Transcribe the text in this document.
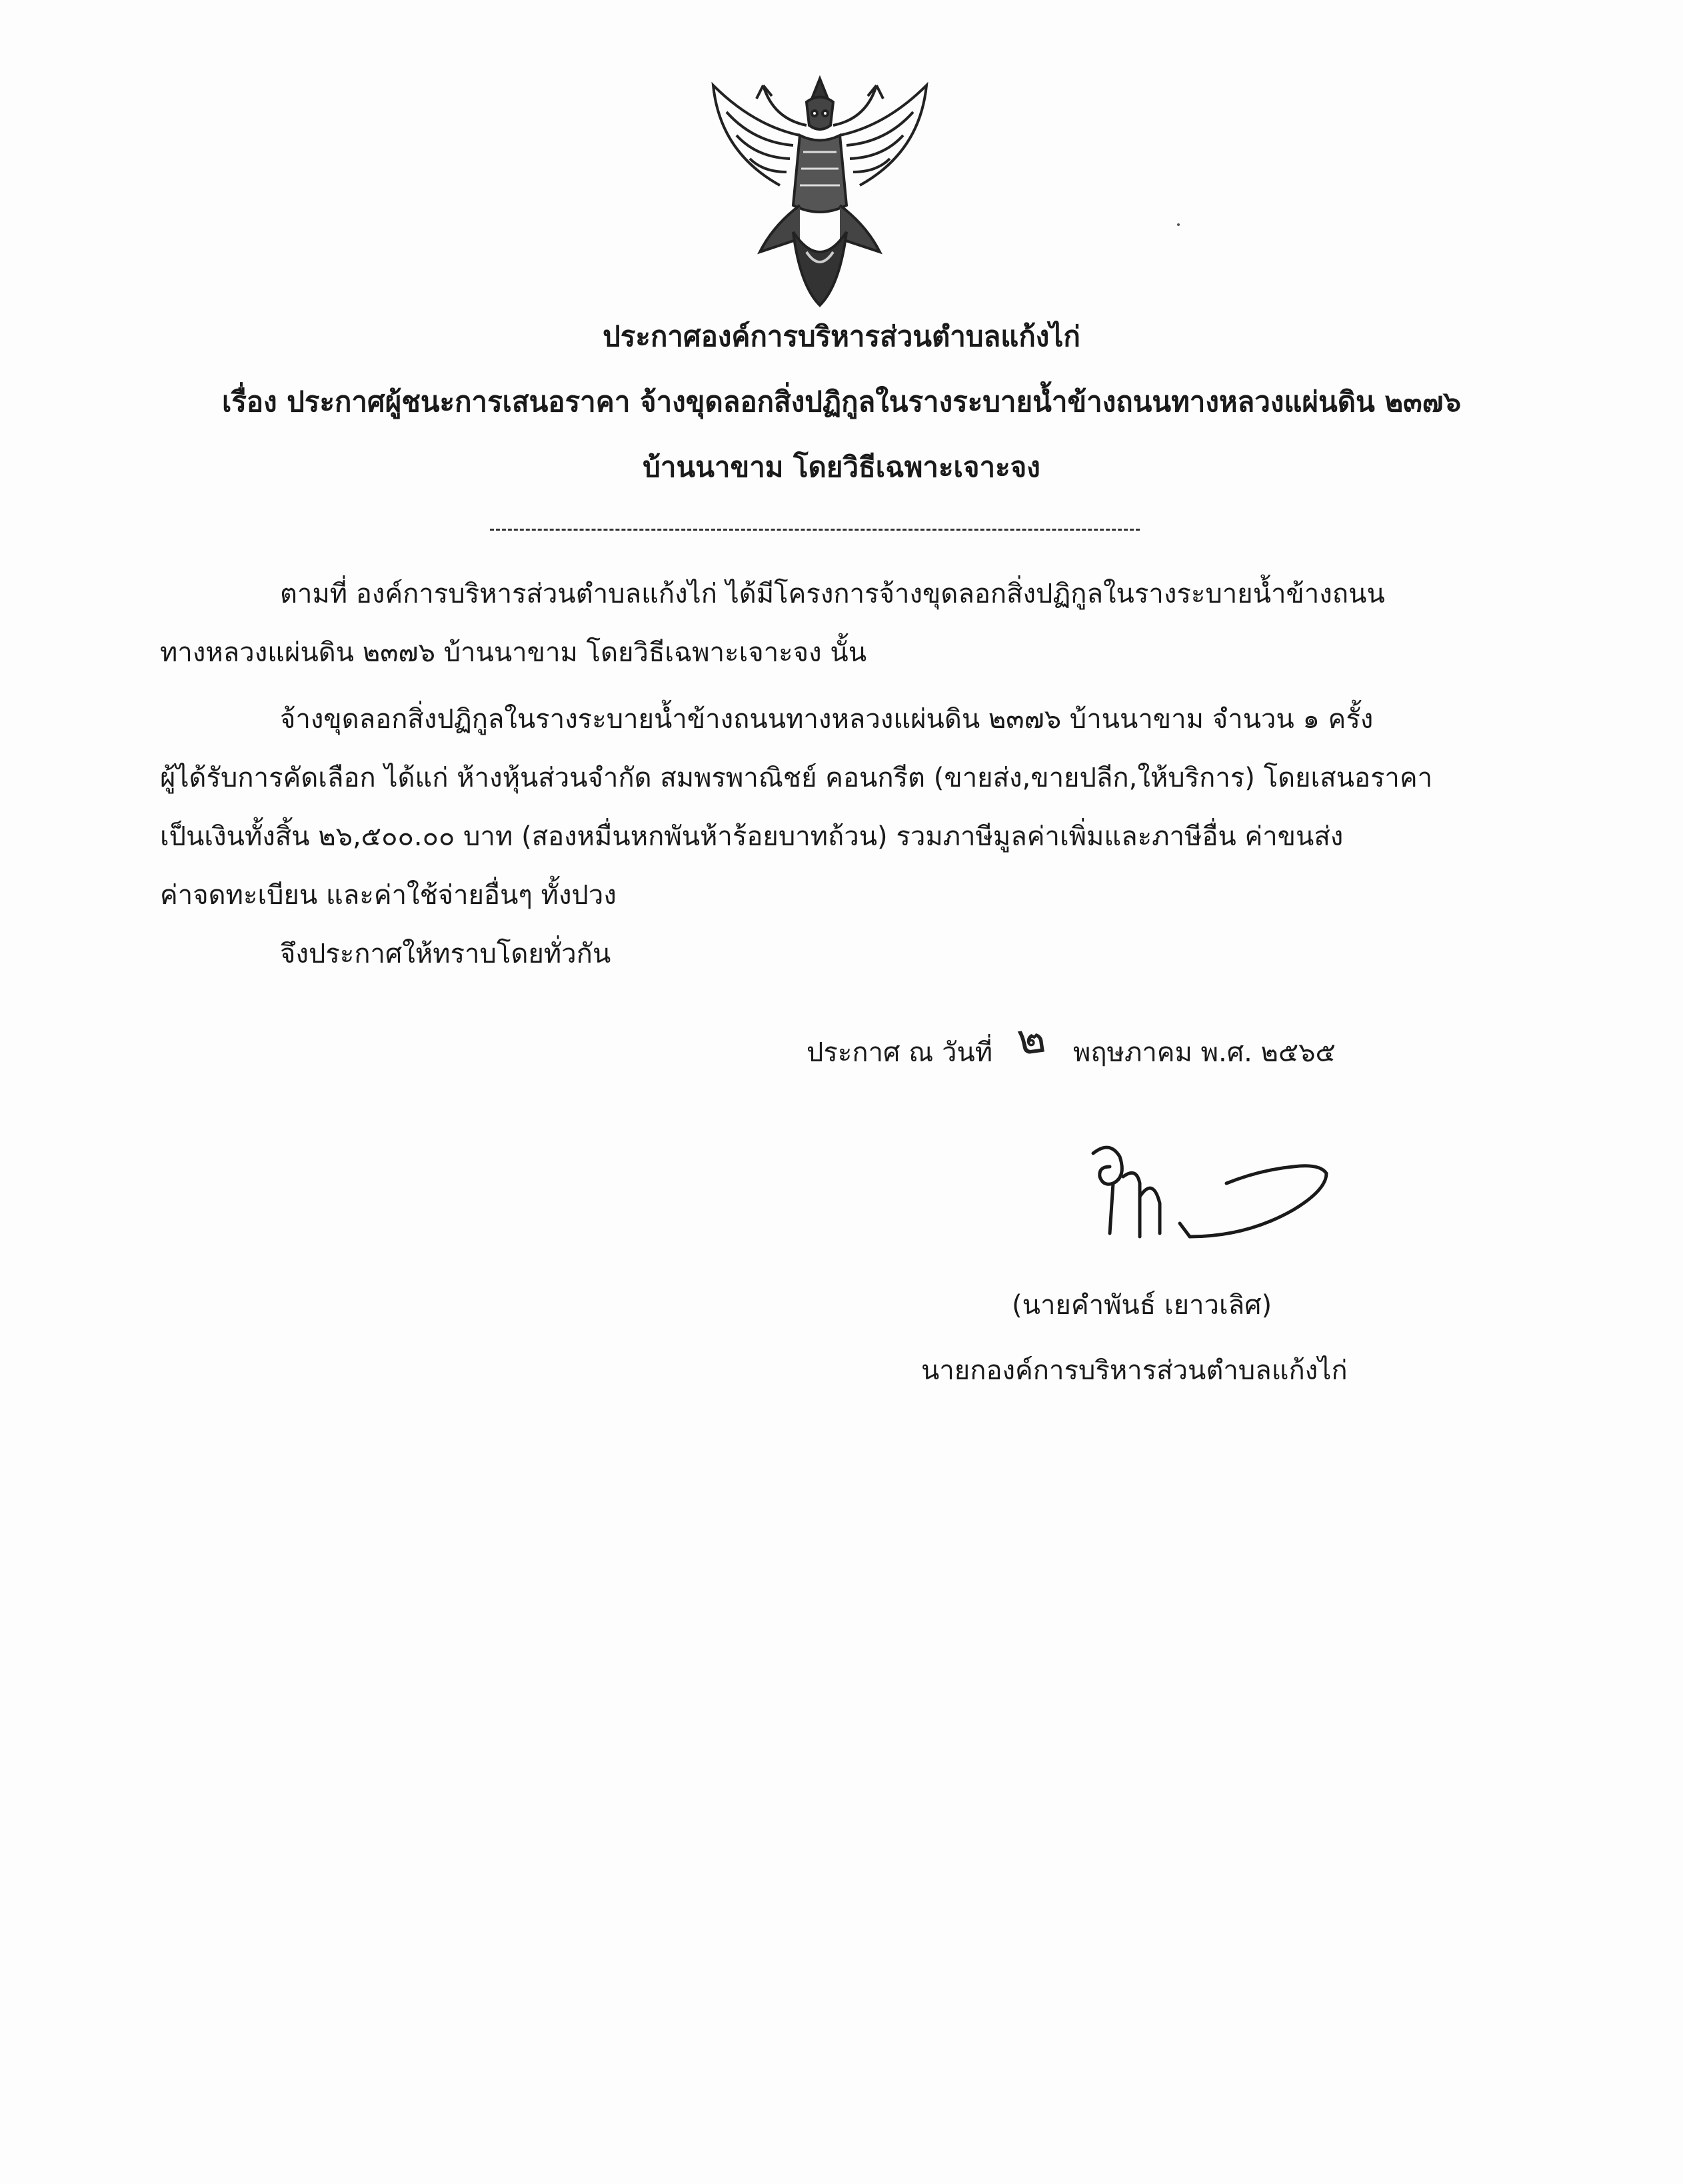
ประกาศองค์การบริหารส่วนตำบลแก้งไก่
เรื่อง ประกาศผู้ชนะการเสนอราคา จ้างขุดลอกสิ่งปฏิกูลในรางระบายน้ำข้างถนนทางหลวงแผ่นดิน ๒๓๗๖
บ้านนาขาม โดยวิธีเฉพาะเจาะจง
ตามที่ องค์การบริหารส่วนตำบลแก้งไก่ ได้มีโครงการจ้างขุดลอกสิ่งปฏิกูลในรางระบายน้ำข้างถนน
ทางหลวงแผ่นดิน ๒๓๗๖ บ้านนาขาม โดยวิธีเฉพาะเจาะจง นั้น
จ้างขุดลอกสิ่งปฏิกูลในรางระบายน้ำข้างถนนทางหลวงแผ่นดิน ๒๓๗๖ บ้านนาขาม จำนวน ๑ ครั้ง
ผู้ได้รับการคัดเลือก ได้แก่ ห้างหุ้นส่วนจำกัด สมพรพาณิชย์ คอนกรีต (ขายส่ง,ขายปลีก,ให้บริการ) โดยเสนอราคา
เป็นเงินทั้งสิ้น ๒๖,๕๐๐.๐๐ บาท (สองหมื่นหกพันห้าร้อยบาทถ้วน) รวมภาษีมูลค่าเพิ่มและภาษีอื่น ค่าขนส่ง
ค่าจดทะเบียน และค่าใช้จ่ายอื่นๆ ทั้งปวง
จึงประกาศให้ทราบโดยทั่วกัน
ประกาศ ณ วันที่ ๒ พฤษภาคม พ.ศ. ๒๕๖๕
(นายคำพันธ์ เยาวเลิศ)
นายกองค์การบริหารส่วนตำบลแก้งไก่
